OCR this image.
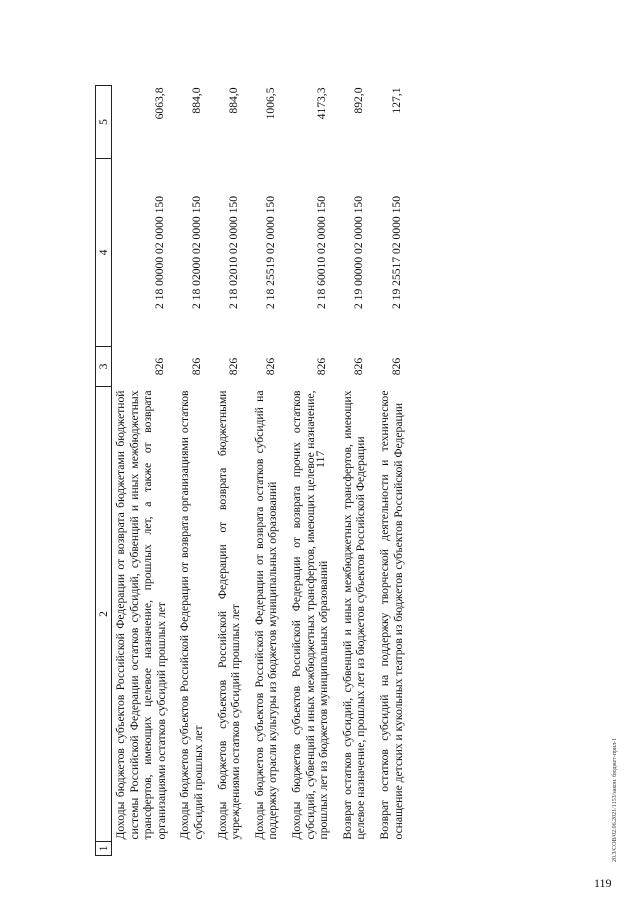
117
1	2	3	4	5

	Доходы бюджетов субъектов Российской Федерации от возврата бюджетами бюджетной системы Российской Федерации остатков субсидий, субвенций и иных межбюджетных трансфертов, имеющих целевое назначение, прошлых лет, а также от возврата организациями остатков субсидий прошлых лет	826	2 18 00000 02 0000 150	6063,8
	Доходы бюджетов субъектов Российской Федерации от возврата организациями остатков субсидий прошлых лет	826	2 18 02000 02 0000 150	884,0
	Доходы бюджетов субъектов Российской Федерации от возврата бюджетными учреждениями остатков субсидий прошлых лет	826	2 18 02010 02 0000 150	884,0
	Доходы бюджетов субъектов Российской Федерации от возврата остатков субсидий на поддержку отрасли культуры из бюджетов муниципальных образований	826	2 18 25519 02 0000 150	1006,5
	Доходы бюджетов субъектов Российской Федерации от возврата прочих остатков субсидий, субвенций и иных межбюджетных трансфертов, имеющих целевое назначение, прошлых лет из бюджетов муниципальных образований	826	2 18 60010 02 0000 150	4173,3
	Возврат остатков субсидий, субвенций и иных межбюджетных трансфертов, имеющих целевое назначение, прошлых лет из бюджетов субъектов Российской Федерации	826	2 19 00000 02 0000 150	892,0
	Возврат остатков субсидий на поддержку творческой деятельности и техническое оснащение детских и кукольных театров из бюджетов субъектов Российской Федерации	826	2 19 25517 02 0000 150	127,1
20.3/СОВ/02.06.2021/1153/закон. бюджет-прил-1
119
